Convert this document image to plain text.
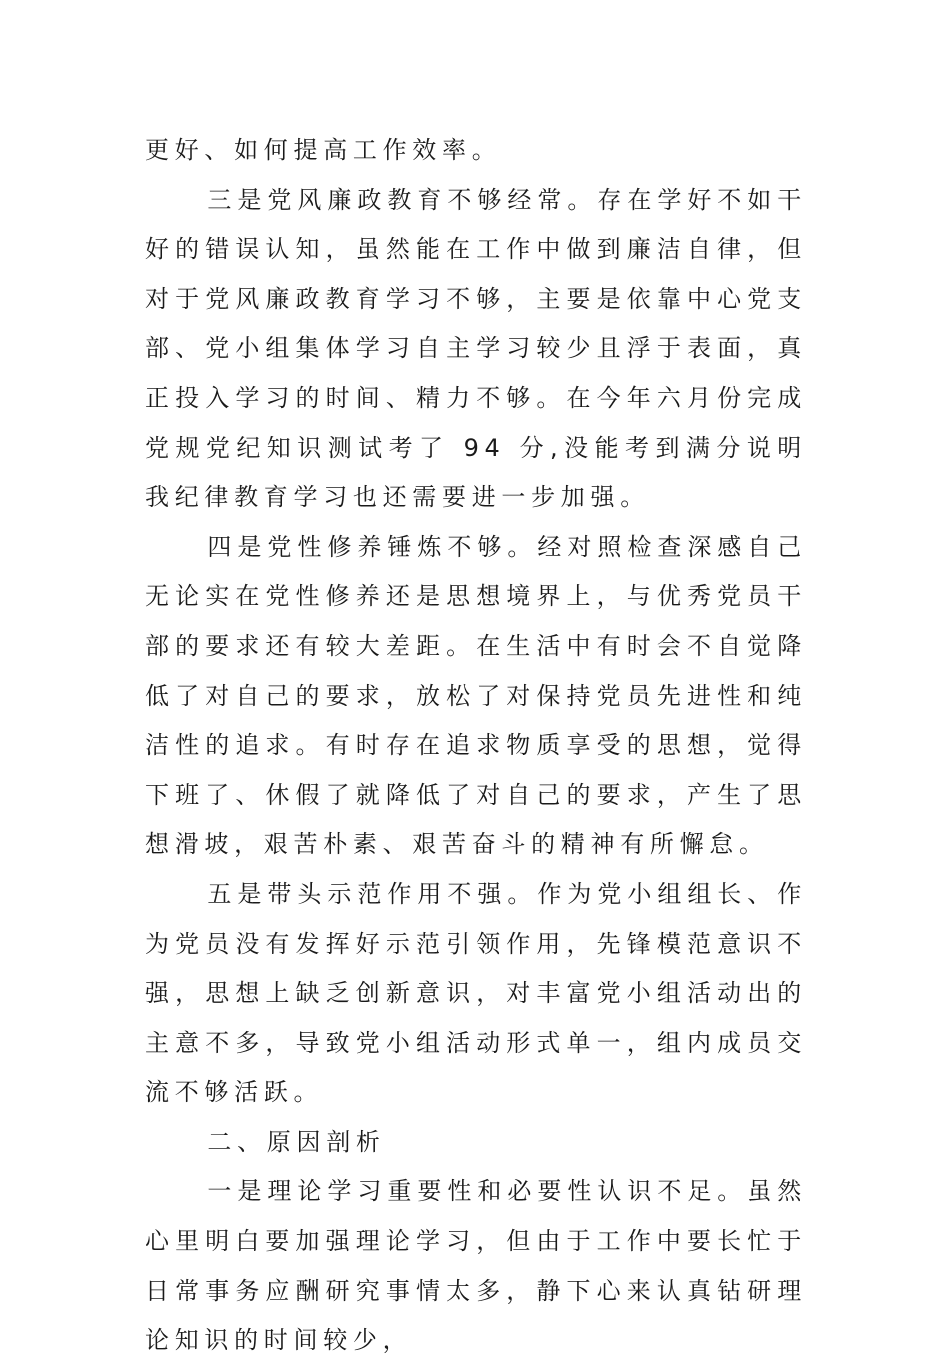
更好、如何提高工作效率。

三是党风廉政教育不够经常。存在学好不如干好的错误认知，虽然能在工作中做到廉洁自律，但对于党风廉政教育学习不够，主要是依靠中心党支部、党小组集体学习自主学习较少且浮于表面，真正投入学习的时间、精力不够。在今年六月份完成党规党纪知识测试考了 94 分,没能考到满分说明我纪律教育学习也还需要进一步加强。

四是党性修养锤炼不够。经对照检查深感自己无论实在党性修养还是思想境界上，与优秀党员干部的要求还有较大差距。在生活中有时会不自觉降低了对自己的要求，放松了对保持党员先进性和纯洁性的追求。有时存在追求物质享受的思想，觉得下班了、休假了就降低了对自己的要求，产生了思想滑坡，艰苦朴素、艰苦奋斗的精神有所懈怠。

五是带头示范作用不强。作为党小组组长、作为党员没有发挥好示范引领作用，先锋模范意识不强，思想上缺乏创新意识，对丰富党小组活动出的主意不多，导致党小组活动形式单一，组内成员交流不够活跃。

二、原因剖析

一是理论学习重要性和必要性认识不足。虽然心里明白要加强理论学习，但由于工作中要长忙于日常事务应酬研究事情太多，静下心来认真钻研理论知识的时间较少，
